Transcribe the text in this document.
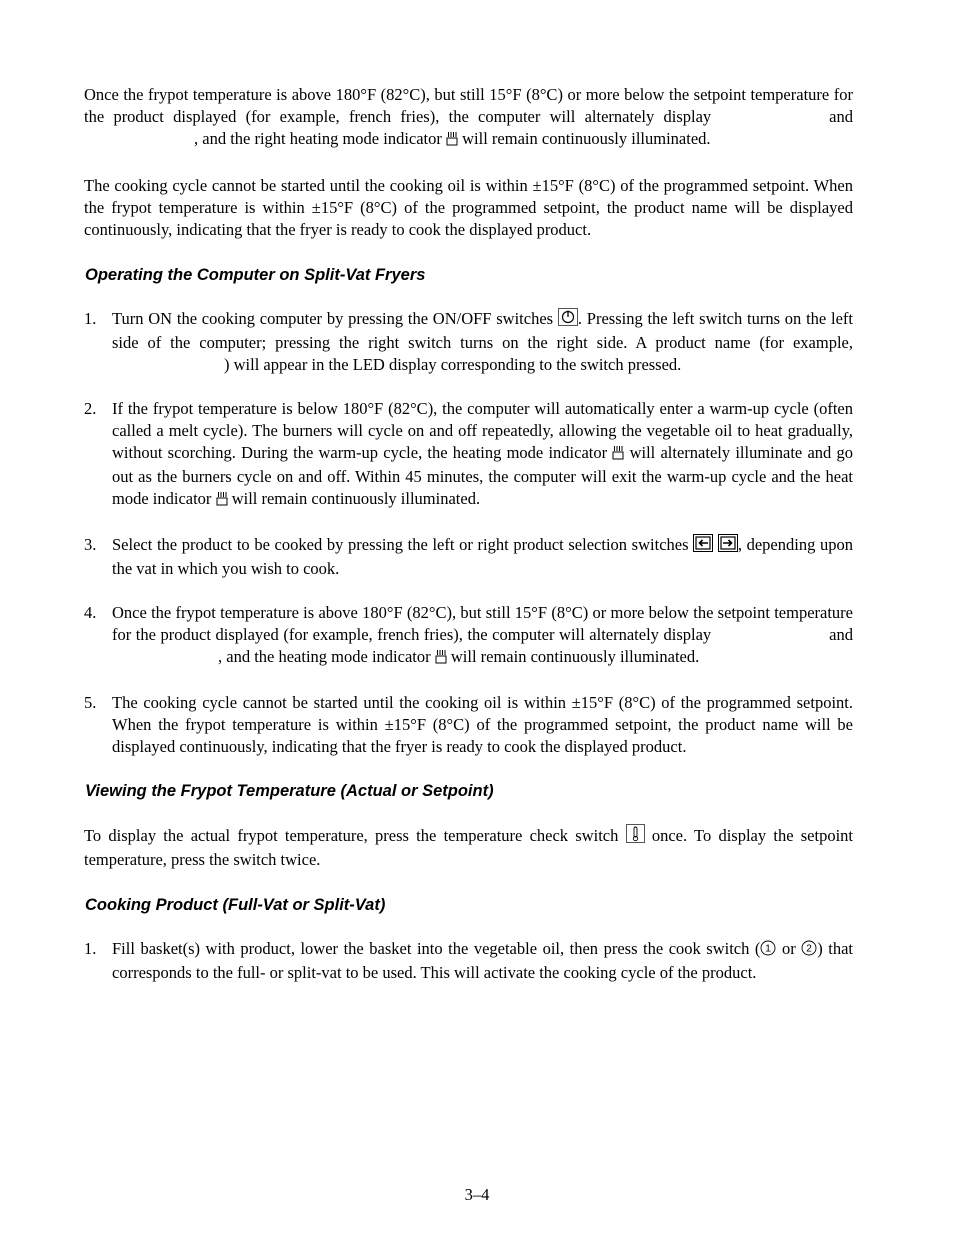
Once the frypot temperature is above 180°F (82°C), but still 15°F (8°C) or more below the setpoint temperature for the product displayed (for example, french fries), the computer will alternately display	and, and the right heating mode indicator will remain continuously illuminated.

The cooking cycle cannot be started until the cooking oil is within ±15°F (8°C) of the programmed setpoint. When the frypot temperature is within ±15°F (8°C) of the programmed setpoint, the product name will be displayed continuously, indicating that the fryer is ready to cook the displayed product.

Operating the Computer on Split-Vat Fryers
1. Turn ON the cooking computer by pressing the ON/OFF switches . Pressing the left switch turns on the left side of the computer; pressing the right switch turns on the right side. A product name (for example,) will appear in the LED display corresponding to the switch pressed.

2. If the frypot temperature is below 180°F (82°C), the computer will automatically enter a warm-up cycle (often called a melt cycle). The burners will cycle on and off repeatedly, allowing the vegetable oil to heat gradually, without scorching. During the warm-up cycle, the heating mode indicator will alternately illuminate and go out as the burners cycle on and off. Within 45 minutes, the computer will exit the warm-up cycle and the heat mode indicator will remain continuously illuminated.

3. Select the product to be cooked by pressing the left or right product selection switches	, depending upon the vat in which you wish to cook.

4. Once the frypot temperature is above 180°F (82°C), but still 15°F (8°C) or more below the setpoint temperature for the product displayed (for example, french fries), the computer will alternately display	and, and the heating mode indicator will remain continuously illuminated.

5. The cooking cycle cannot be started until the cooking oil is within ±15°F (8°C) of the programmed setpoint. When the frypot temperature is within ±15°F (8°C) of the programmed setpoint, the product name will be displayed continuously, indicating that the fryer is ready to cook the displayed product.

Viewing the Frypot Temperature (Actual or Setpoint)

To display the actual frypot temperature, press the temperature check switch once. To display the setpoint temperature, press the switch twice.

Cooking Product (Full-Vat or Split-Vat)
1. Fill basket(s) with product, lower the basket into the vegetable oil, then press the cook switch ( 1 or 2 ) that corresponds to the full- or split-vat to be used. This will activate the cooking cycle of the product.

3–4
